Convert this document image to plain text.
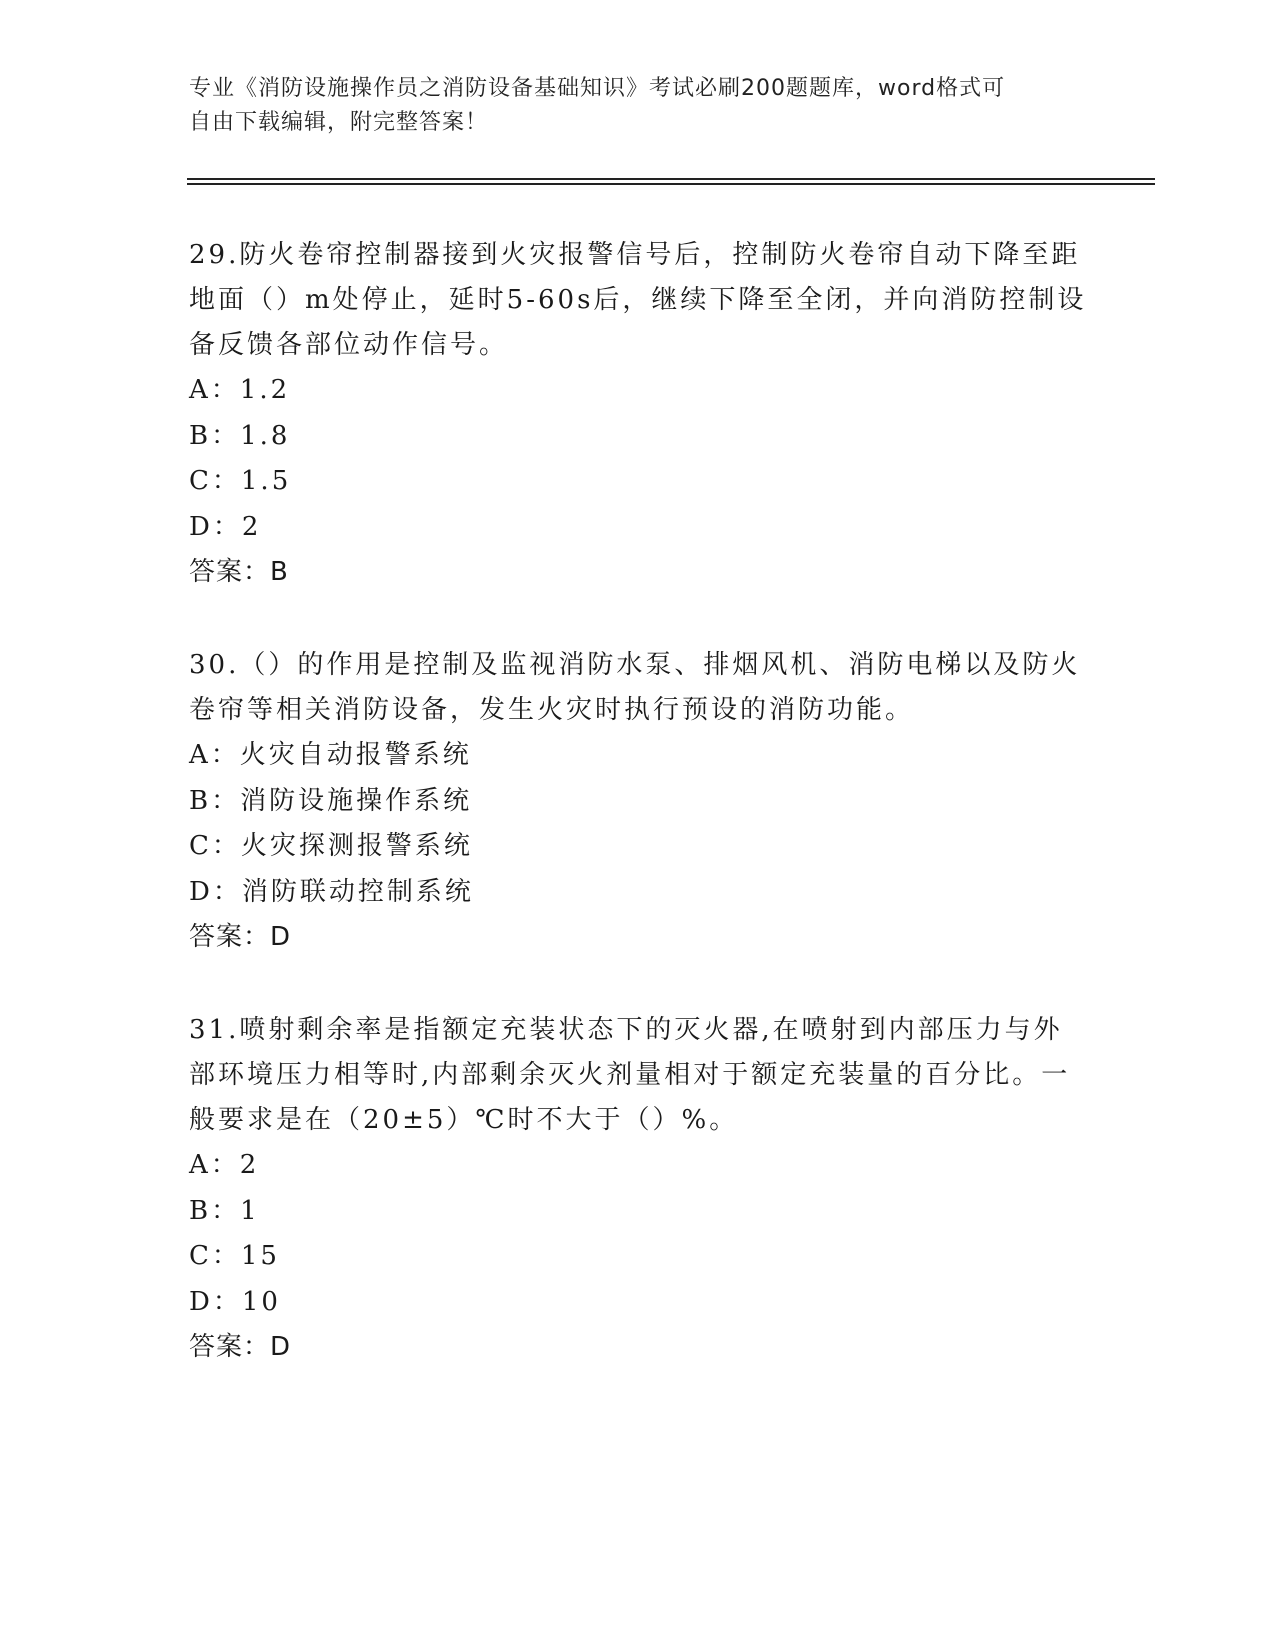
专业《消防设施操作员之消防设备基础知识》考试必刷200题题库，word格式可
自由下载编辑，附完整答案！

29.防火卷帘控制器接到火灾报警信号后，控制防火卷帘自动下降至距地面（）m处停止，延时5-60s后，继续下降至全闭，并向消防控制设备反馈各部位动作信号。

A：1.2

B：1.8

C：1.5

D：2

答案：B

30.（）的作用是控制及监视消防水泵、排烟风机、消防电梯以及防火卷帘等相关消防设备，发生火灾时执行预设的消防功能。

A：火灾自动报警系统

B：消防设施操作系统

C：火灾探测报警系统

D：消防联动控制系统

答案：D

31.喷射剩余率是指额定充装状态下的灭火器,在喷射到内部压力与外部环境压力相等时,内部剩余灭火剂量相对于额定充装量的百分比。一般要求是在（20±5）℃时不大于（）%。

A：2

B：1

C：15

D：10

答案：D
